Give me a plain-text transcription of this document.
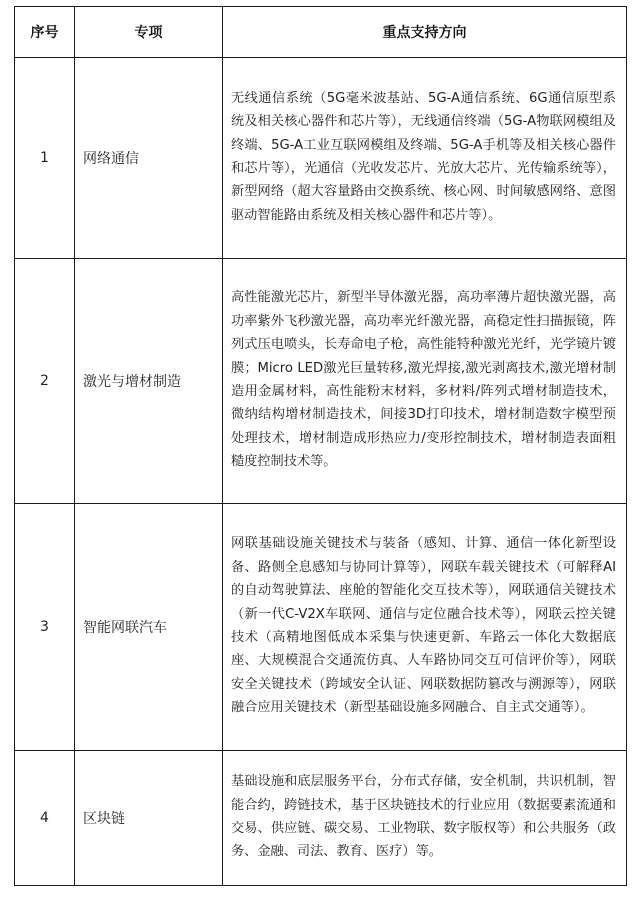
序号	专项	重点支持方向
1	网络通信	无线通信系统（5G毫米波基站、5G-A通信系统、6G通信原型系统及相关核心器件和芯片等），无线通信终端（5G-A物联网模组及终端、5G-A工业互联网模组及终端、5G-A手机等及相关核心器件和芯片等），光通信（光收发芯片、光放大芯片、光传输系统等），新型网络（超大容量路由交换系统、核心网、时间敏感网络、意图驱动智能路由系统及相关核心器件和芯片等）。
2	激光与增材制造	高性能激光芯片，新型半导体激光器，高功率薄片超快激光器，高功率紫外飞秒激光器，高功率光纤激光器，高稳定性扫描振镜，阵列式压电喷头，长寿命电子枪，高性能特种激光光纤，光学镜片镀膜；Micro LED激光巨量转移,激光焊接,激光剥离技术,激光增材制造用金属材料，高性能粉末材料，多材料/阵列式增材制造技术，微纳结构增材制造技术，间接3D打印技术，增材制造数字模型预处理技术，增材制造成形热应力/变形控制技术，增材制造表面粗糙度控制技术等。
3	智能网联汽车	网联基础设施关键技术与装备（感知、计算、通信一体化新型设备、路侧全息感知与协同计算等），网联车载关键技术（可解释AI的自动驾驶算法、座舱的智能化交互技术等），网联通信关键技术（新一代C-V2X车联网、通信与定位融合技术等），网联云控关键技术（高精地图低成本采集与快速更新、车路云一体化大数据底座、大规模混合交通流仿真、人车路协同交互可信评价等），网联安全关键技术（跨域安全认证、网联数据防篡改与溯源等），网联融合应用关键技术（新型基础设施多网融合、自主式交通等）。
4	区块链	基础设施和底层服务平台，分布式存储，安全机制，共识机制，智能合约，跨链技术，基于区块链技术的行业应用（数据要素流通和交易、供应链、碳交易、工业物联、数字版权等）和公共服务（政务、金融、司法、教育、医疗）等。
